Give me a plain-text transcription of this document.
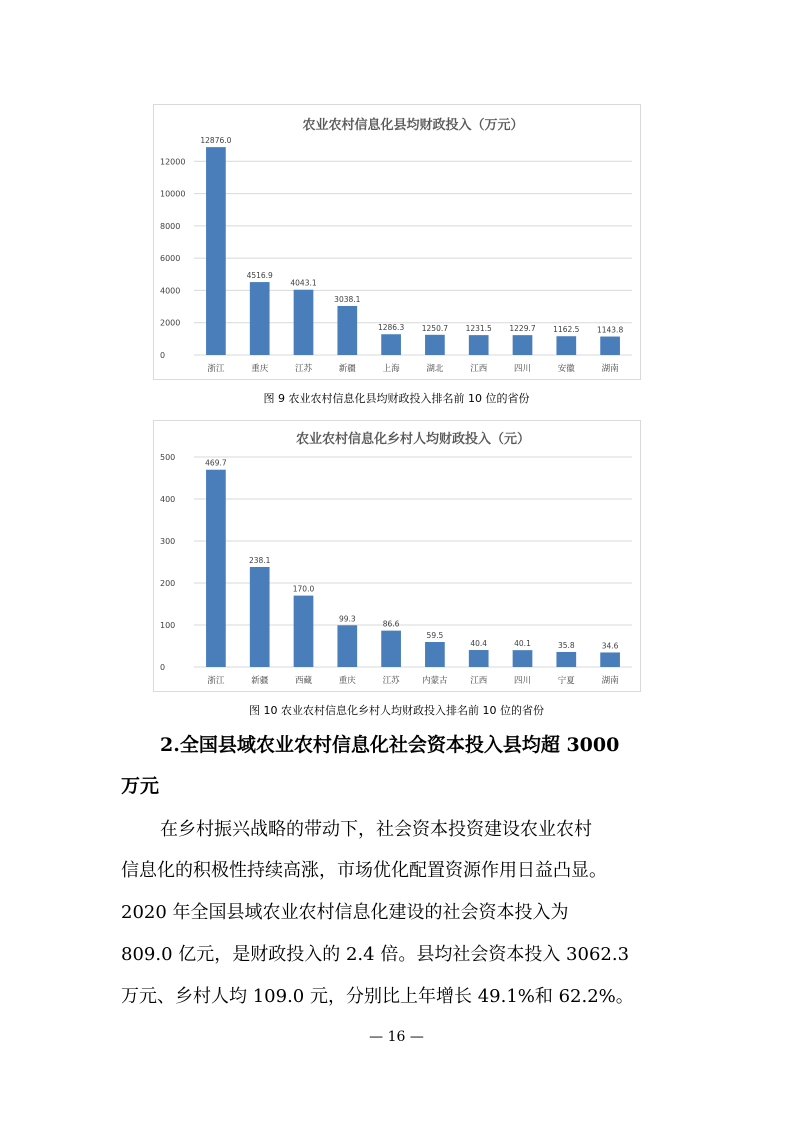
农业农村信息化县均财政投入（万元）
0
2000
4000
6000
8000
10000
12000
12876.0
浙江
4516.9
重庆
4043.1
江苏
3038.1
新疆
1286.3
上海
1250.7
湖北
1231.5
江西
1229.7
四川
1162.5
安徽
1143.8
湖南
图 9 农业农村信息化县均财政投入排名前 10 位的省份
农业农村信息化乡村人均财政投入（元）
0
100
200
300
400
500
469.7
浙江
238.1
新疆
170.0
西藏
99.3
重庆
86.6
江苏
59.5
内蒙古
40.4
江西
40.1
四川
35.8
宁夏
34.6
湖南
图 10 农业农村信息化乡村人均财政投入排名前 10 位的省份
2.全国县域农业农村信息化社会资本投入县均超 3000
万元
在乡村振兴战略的带动下，社会资本投资建设农业农村
信息化的积极性持续高涨，市场优化配置资源作用日益凸显。
2020 年全国县域农业农村信息化建设的社会资本投入为
809.0 亿元，是财政投入的 2.4 倍。县均社会资本投入 3062.3
万元、乡村人均 109.0 元，分别比上年增长 49.1%和 62.2%。
— 16 —
